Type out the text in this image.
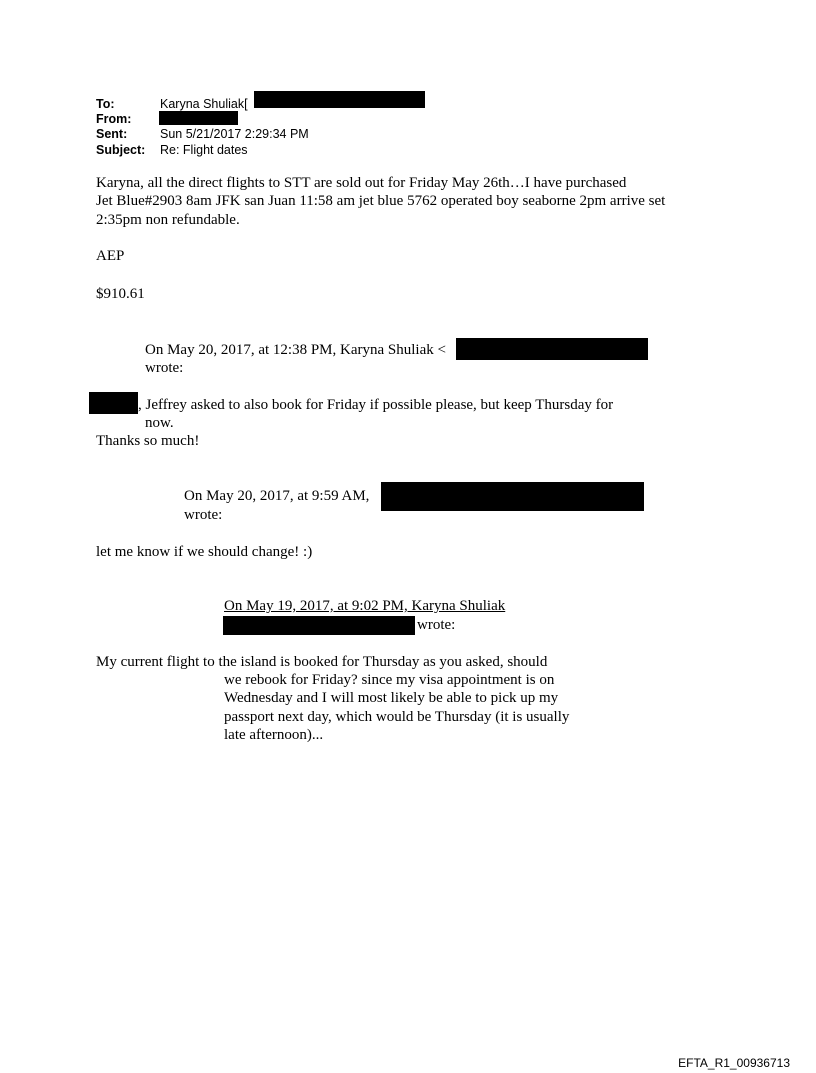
To:	Karyna Shuliak[
From:
Sent:	Sun 5/21/2017 2:29:34 PM
Subject: Re: Flight dates
Karyna, all the direct flights to STT are sold out for Friday May 26th…I have purchased
Jet Blue#2903 8am JFK san Juan 11:58 am jet blue 5762 operated boy seaborne 2pm arrive set
2:35pm non refundable.
AEP
$910.61
On May 20, 2017, at 12:38 PM, Karyna Shuliak <
wrote:
, Jeffrey asked to also book for Friday if possible please, but keep Thursday for
now.
Thanks so much!
On May 20, 2017, at 9:59 AM,
wrote:
let me know if we should change! :)
On May 19, 2017, at 9:02 PM, Karyna Shuliak
wrote:
My current flight to the island is booked for Thursday as you asked, should
we rebook for Friday? since my visa appointment is on
Wednesday and I will most likely be able to pick up my
passport next day, which would be Thursday (it is usually
late afternoon)...
EFTA_R1_00936713
